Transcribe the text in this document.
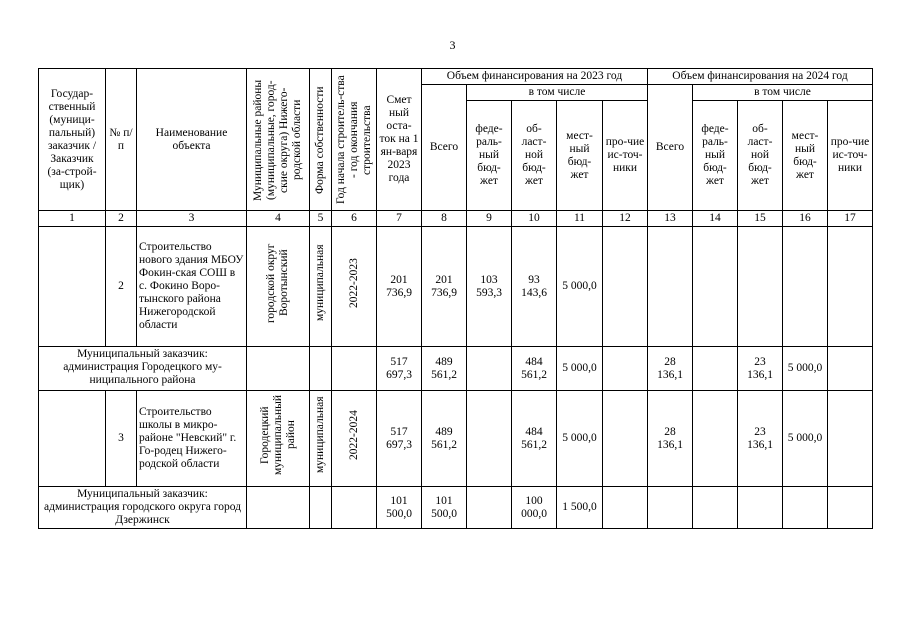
3
Государ-ственный (муници-пальный) заказчик / Заказчик (за-строй-щик)	№ п/п	Наименование объекта	Муниципальные районы (муниципальные, город-ские округа) Нижего-родской области	Форма собственности	Год начала строитель-ства - год окончания строительства	Смет ный оста-ток на 1 ян-варя 2023 года	Объем финансирования на 2023 год					Объем финансирования на 2024 год				
							Всего	в том числе				Всего	в том числе			
								феде-раль-ный бюд-жет	об-ласт-ной бюд-жет	мест-ный бюд-жет	про-чие ис-точ-ники		феде-раль-ный бюд-жет	об-ласт-ной бюд-жет	мест-ный бюд-жет	про-чие ис-точ-ники
1	2	3	4	5	6	7	8	9	10	11	12	13	14	15	16	17
	2	Строительство нового здания МБОУ Фокин-ская СОШ в с. Фокино Воро-тынского района Нижегородской области	городской округ Воротынский	муниципальная	2022-2023	201 736,9	201 736,9	103 593,3	93 143,6	5 000,0						
Муниципальный заказчик: администрация Городецкого му-ниципального района						517 697,3	489 561,2		484 561,2	5 000,0		28 136,1		23 136,1	5 000,0	
	3	Строительство школы в микро-районе "Невский" г. Го-родец Нижего-родской области	Городецкий муниципальный район	муниципальная	2022-2024	517 697,3	489 561,2		484 561,2	5 000,0		28 136,1		23 136,1	5 000,0	
Муниципальный заказчик: администрация городского округа город Дзержинск						101 500,0	101 500,0		100 000,0	1 500,0						
